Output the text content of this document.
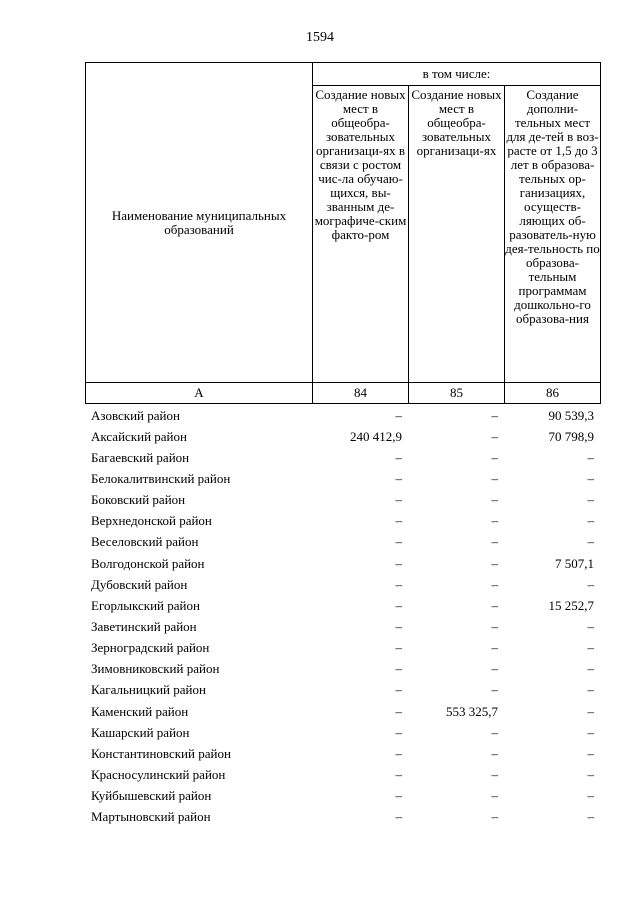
1594
Наименование муниципальных образований	в том числе:		
	Создание новых мест в общеобра-зовательных организаци-ях в связи с ростом чис-ла обучаю-щихся, вы-званным де-мографиче-ским факто-ром	Создание новых мест в общеобра-зовательных организаци-ях	Создание дополни-тельных мест для де-тей в воз-расте от 1,5 до 3 лет в образова-тельных ор-ганизациях, осуществ-ляющих об-разователь-ную дея-тельность по образова-тельным программам дошкольно-го образова-ния
А	84	85	86
Азовский район	–	–	90 539,3
Аксайский район	240 412,9	–	70 798,9
Багаевский район	–	–	–
Белокалитвинский район	–	–	–
Боковский район	–	–	–
Верхнедонской район	–	–	–
Веселовский район	–	–	–
Волгодонской район	–	–	7 507,1
Дубовский район	–	–	–
Егорлыкский район	–	–	15 252,7
Заветинский район	–	–	–
Зерноградский район	–	–	–
Зимовниковский район	–	–	–
Кагальницкий район	–	–	–
Каменский район	–	553 325,7	–
Кашарский район	–	–	–
Константиновский район	–	–	–
Красносулинский район	–	–	–
Куйбышевский район	–	–	–
Мартыновский район	–	–	–
